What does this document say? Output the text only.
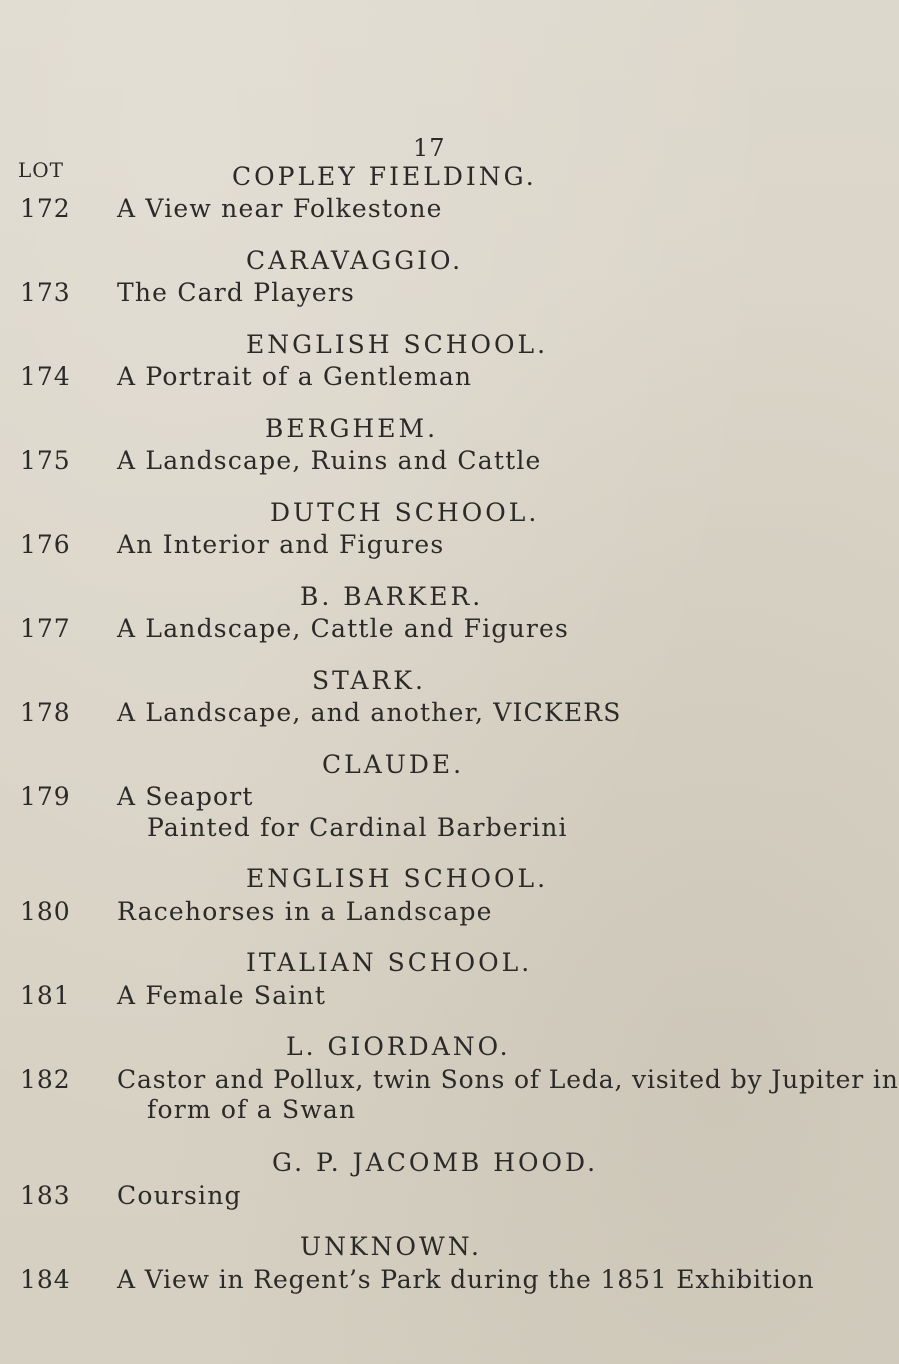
17
LOT	COPLEY FIELDING.
172 A View near Folkestone
CARAVAGGIO.
173 The Card Players
ENGLISH SCHOOL.
174 A Portrait of a Gentleman
BERGHEM.
175 A Landscape, Ruins and Cattle
DUTCH SCHOOL.
176 An Interior and Figures
B. BARKER.
177 A Landscape, Cattle and Figures
STARK.
178 A Landscape, and another, VICKERS
CLAUDE.
179 A Seaport
Painted for Cardinal Barberini
ENGLISH SCHOOL.
180 Racehorses in a Landscape
ITALIAN SCHOOL.
181 A Female Saint
L. GIORDANO.
182 Castor and Pollux, twin Sons of Leda, visited by Jupiter in
form of a Swan
G. P. JACOMB HOOD.
183 Coursing
UNKNOWN.
184 A View in Regent’s Park during the 1851 Exhibition
